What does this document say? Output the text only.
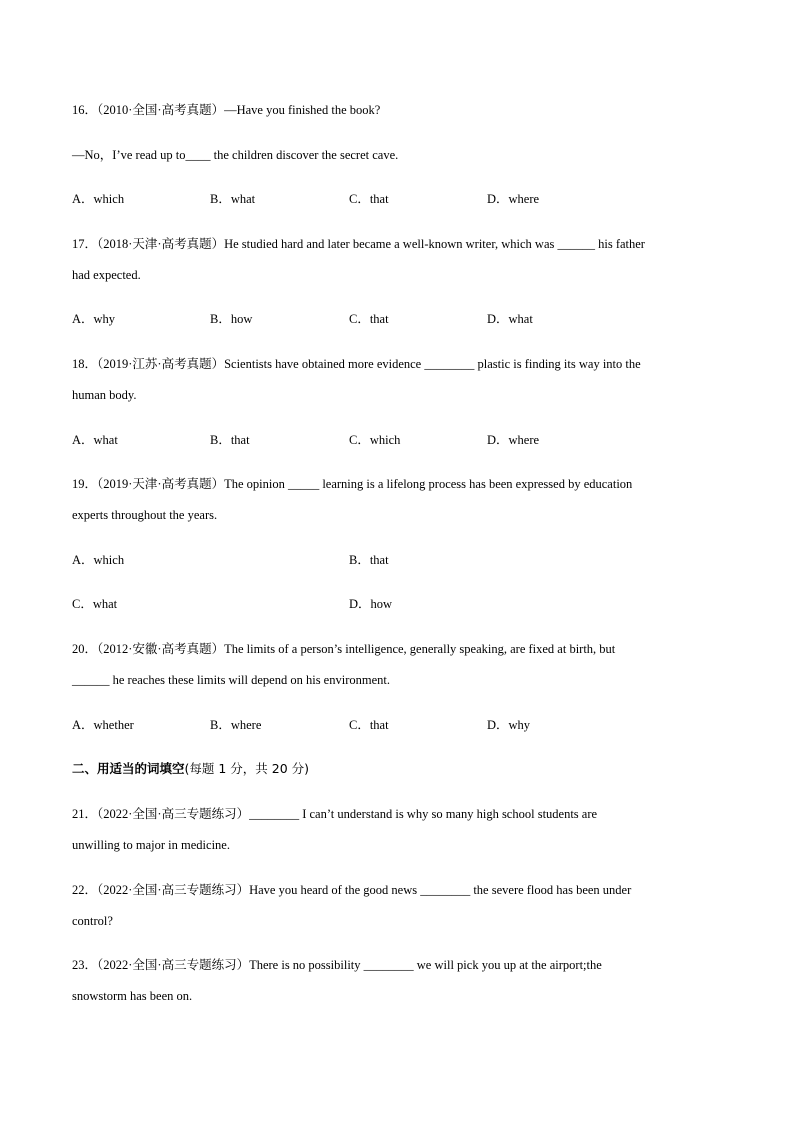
16．（2010·全国·高考真题）—Have you finished the book?
—No，I’ve read up to____ the children discover the secret cave.
A．which	B．what	C．that	D．where
17．（2018·天津·高考真题）He studied hard and later became a well-known writer, which was ______ his father
had expected.
A．why	B．how	C．that	D．what
18．（2019·江苏·高考真题）Scientists have obtained more evidence ________ plastic is finding its way into the
human body.
A．what	B．that	C．which	D．where
19．（2019·天津·高考真题）The opinion _____ learning is a lifelong process has been expressed by education
experts throughout the years.
A．which	B．that
C．what	D．how
20．（2012·安徽·高考真题）The limits of a person’s intelligence, generally speaking, are fixed at birth, but
______ he reaches these limits will depend on his environment.
A．whether	B．where	C．that	D．why
二、用适当的词填空(每题 1 分，共 20 分)
21．（2022·全国·高三专题练习）________ I can’t understand is why so many high school students are
unwilling to major in medicine.
22．（2022·全国·高三专题练习）Have you heard of the good news ________ the severe flood has been under
control?
23．（2022·全国·高三专题练习）There is no possibility ________ we will pick you up at the airport;the
snowstorm has been on.
